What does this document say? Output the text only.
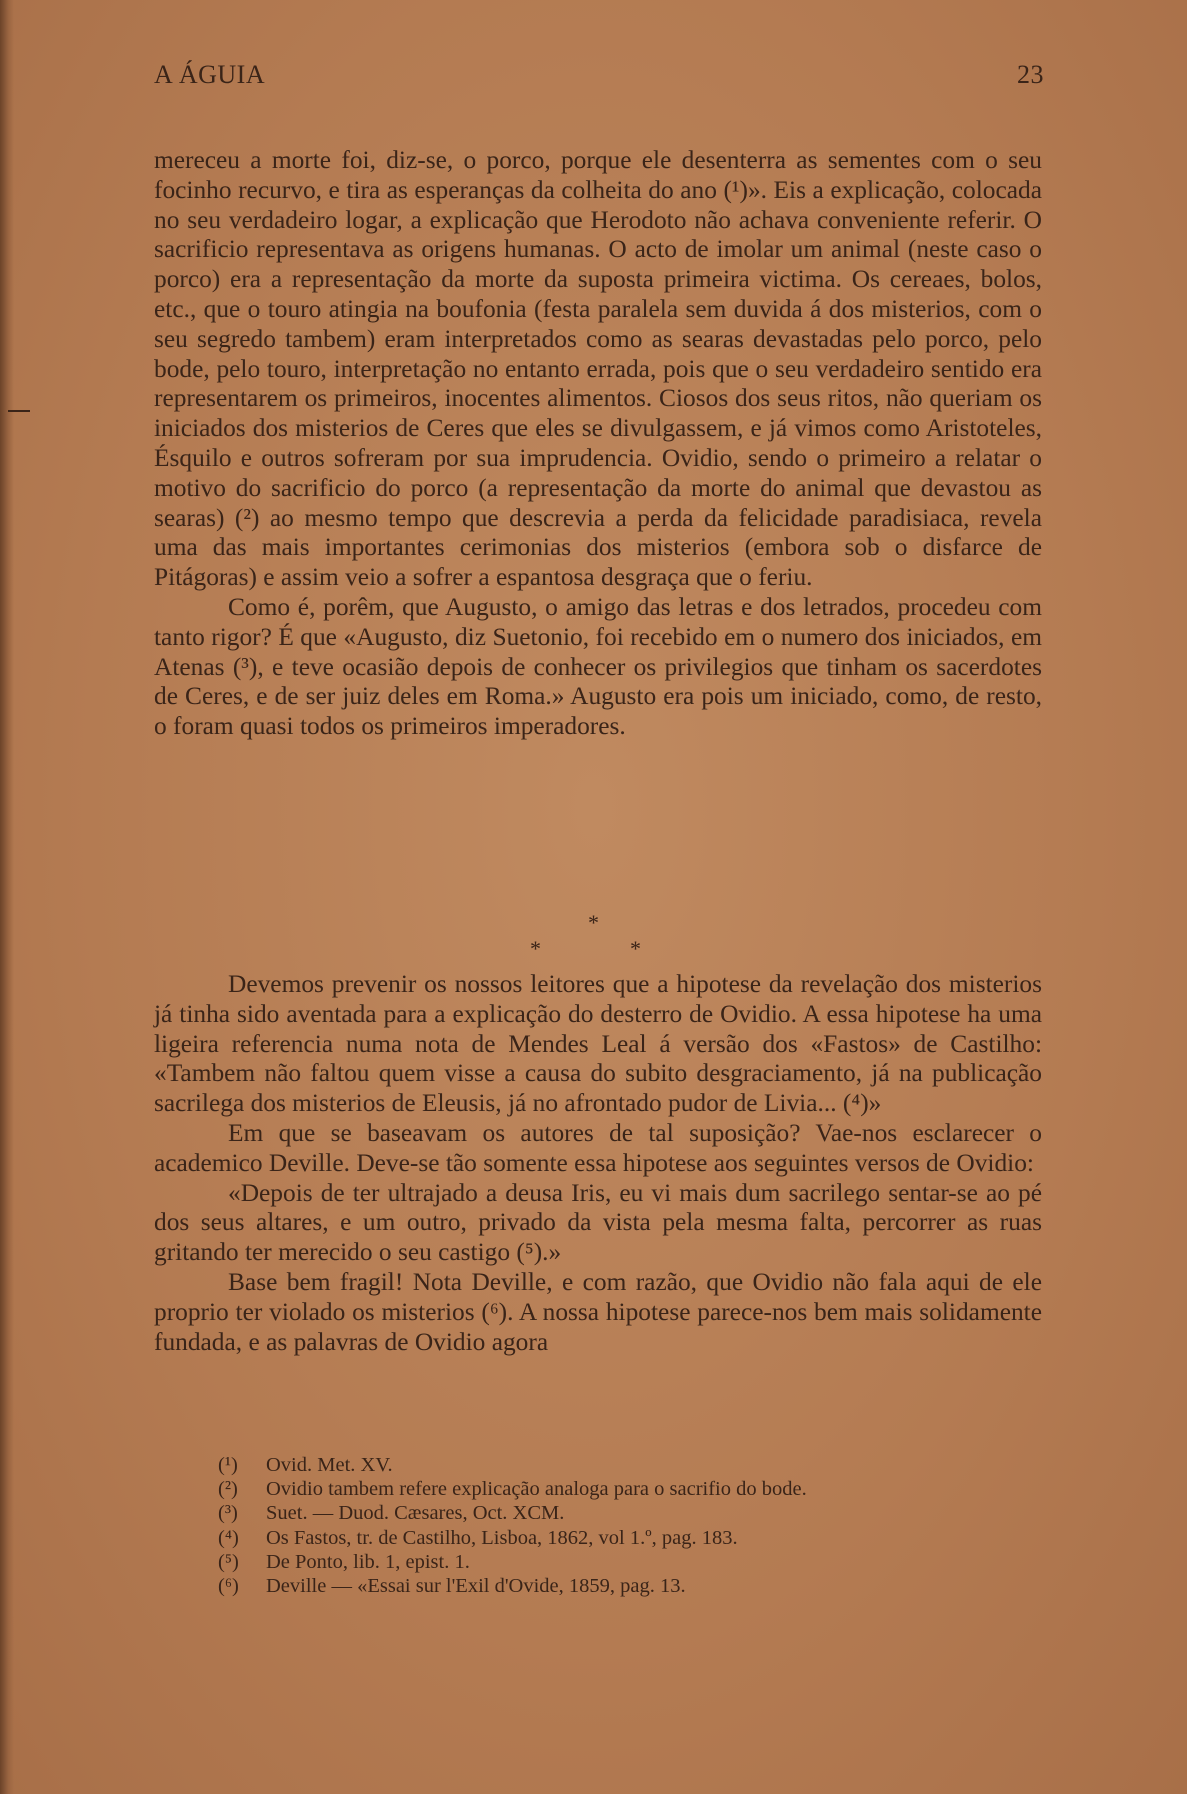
A ÁGUIA	23

mereceu a morte foi, diz-se, o porco, porque ele desenterra as sementes com o seu focinho recurvo, e tira as esperanças da colheita do ano (¹)». Eis a explicação, colocada no seu verdadeiro logar, a explicação que Herodoto não achava conveniente referir. O sacrificio representava as origens humanas. O acto de imolar um animal (neste caso o porco) era a representação da morte da suposta primeira victima. Os cereaes, bolos, etc., que o touro atingia na boufonia (festa paralela sem duvida á dos misterios, com o seu segredo tambem) eram interpretados como as searas devastadas pelo porco, pelo bode, pelo touro, interpretação no entanto errada, pois que o seu verdadeiro sentido era representarem os primeiros, inocentes alimentos. Ciosos dos seus ritos, não queriam os iniciados dos misterios de Ceres que eles se divulgassem, e já vimos como Aristoteles, Ésquilo e outros sofreram por sua imprudencia. Ovidio, sendo o primeiro a relatar o motivo do sacrificio do porco (a representação da morte do animal que devastou as searas) (²) ao mesmo tempo que descrevia a perda da felicidade paradisiaca, revela uma das mais importantes cerimonias dos misterios (embora sob o disfarce de Pitágoras) e assim veio a sofrer a espantosa desgraça que o feriu.

Como é, porêm, que Augusto, o amigo das letras e dos letrados, procedeu com tanto rigor? É que «Augusto, diz Suetonio, foi recebido em o numero dos iniciados, em Atenas (³), e teve ocasião depois de conhecer os privilegios que tinham os sacerdotes de Ceres, e de ser juiz deles em Roma.» Augusto era pois um iniciado, como, de resto, o foram quasi todos os primeiros imperadores.

*
*	*

Devemos prevenir os nossos leitores que a hipotese da revelação dos misterios já tinha sido aventada para a explicação do desterro de Ovidio. A essa hipotese ha uma ligeira referencia numa nota de Mendes Leal á versão dos «Fastos» de Castilho: «Tambem não faltou quem visse a causa do subito desgraciamento, já na publicação sacrilega dos misterios de Eleusis, já no afrontado pudor de Livia... (⁴)»

Em que se baseavam os autores de tal suposição? Vae-nos esclarecer o academico Deville. Deve-se tão somente essa hipotese aos seguintes versos de Ovidio:

«Depois de ter ultrajado a deusa Iris, eu vi mais dum sacrilego sentar-se ao pé dos seus altares, e um outro, privado da vista pela mesma falta, percorrer as ruas gritando ter merecido o seu castigo (⁵).»

Base bem fragil! Nota Deville, e com razão, que Ovidio não fala aqui de ele proprio ter violado os misterios (⁶). A nossa hipotese parece-nos bem mais solidamente fundada, e as palavras de Ovidio agora

(¹)	Ovid. Met. XV.
(²)	Ovidio tambem refere explicação analoga para o sacrifio do bode.
(³)	Suet. — Duod. Cæsares, Oct. XCM.
(⁴)	Os Fastos, tr. de Castilho, Lisboa, 1862, vol 1.º, pag. 183.
(⁵)	De Ponto, lib. 1, epist. 1.
(⁶)	Deville — «Essai sur l'Exil d'Ovide, 1859, pag. 13.
